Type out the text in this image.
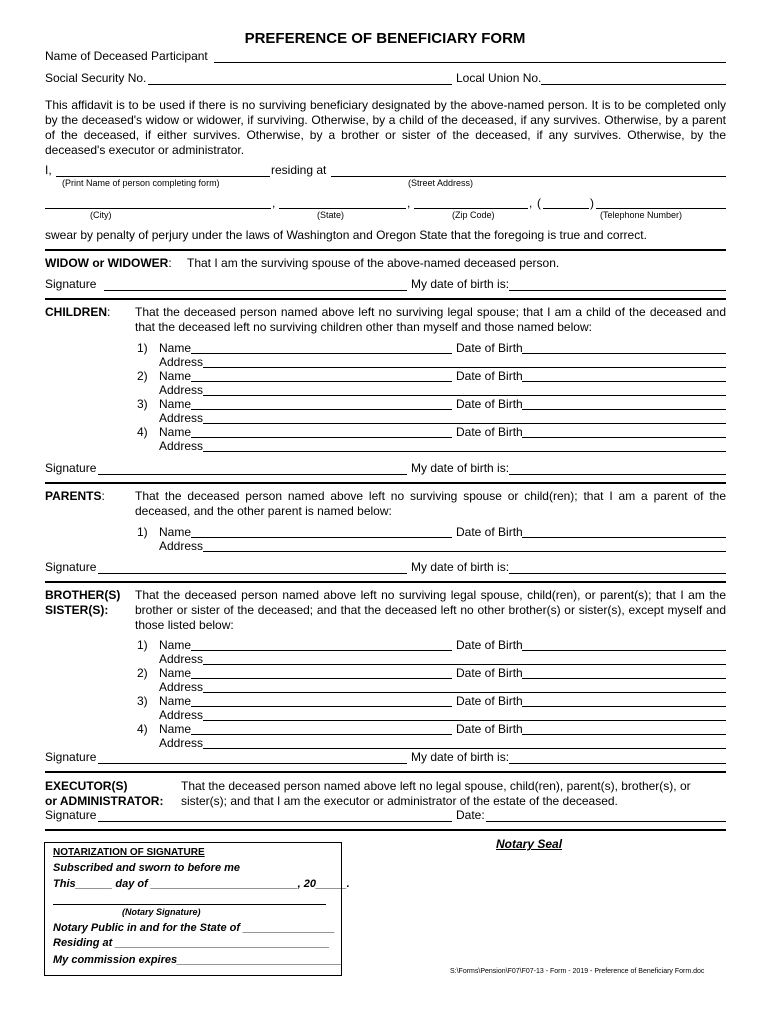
PREFERENCE OF BENEFICIARY FORM
Name of Deceased Participant
Social Security No.	Local Union No.
This affidavit is to be used if there is no surviving beneficiary designated by the above-named person. It is to be completed only by the deceased's widow or widower, if surviving. Otherwise, by a child of the deceased, if any survives. Otherwise, by a parent of the deceased, if either survives. Otherwise, by a brother or sister of the deceased, if any survives. Otherwise, by the deceased's executor or administrator.
I,	residing at
(Print Name of person completing form)	(Street Address)
,	,	, (	)
(City)	(State)	(Zip Code)	(Telephone Number)
swear by penalty of perjury under the laws of Washington and Oregon State that the foregoing is true and correct.
WIDOW or WIDOWER: That I am the surviving spouse of the above-named deceased person.
Signature	My date of birth is:
CHILDREN: That the deceased person named above left no surviving legal spouse; that I am a child of the deceased and that the deceased left no surviving children other than myself and those named below:
1) Name	Date of Birth
Address
2) Name	Date of Birth
Address
3) Name	Date of Birth
Address
4) Name	Date of Birth
Address
Signature	My date of birth is:
PARENTS:	That the deceased person named above left no surviving spouse or child(ren); that I am a parent of the deceased, and the other parent is named below:
1) Name	Date of Birth
Address
Signature	My date of birth is:
BROTHER(S)
SISTER(S):
That the deceased person named above left no surviving legal spouse, child(ren), or parent(s); that I am the brother or sister of the deceased; and that the deceased left no other brother(s) or sister(s), except myself and those listed below:
1) Name	Date of Birth
Address
2) Name	Date of Birth
Address
3) Name	Date of Birth
Address
4) Name	Date of Birth
Address
Signature	My date of birth is:
EXECUTOR(S)
or ADMINISTRATOR:
That the deceased person named above left no legal spouse, child(ren), parent(s), brother(s), or sister(s); and that I am the executor or administrator of the estate of the deceased.
Signature	Date:
NOTARIZATION OF SIGNATURE
Subscribed and sworn to before me
This______ day of ________________________, 20_____.
(Notary Signature)
Notary Public in and for the State of _______________
Residing at ___________________________________
My commission expires___________________________
Notary Seal
S:\Forms\Pension\F07\F07-13 - Form - 2019 - Preference of Beneficiary Form.doc
